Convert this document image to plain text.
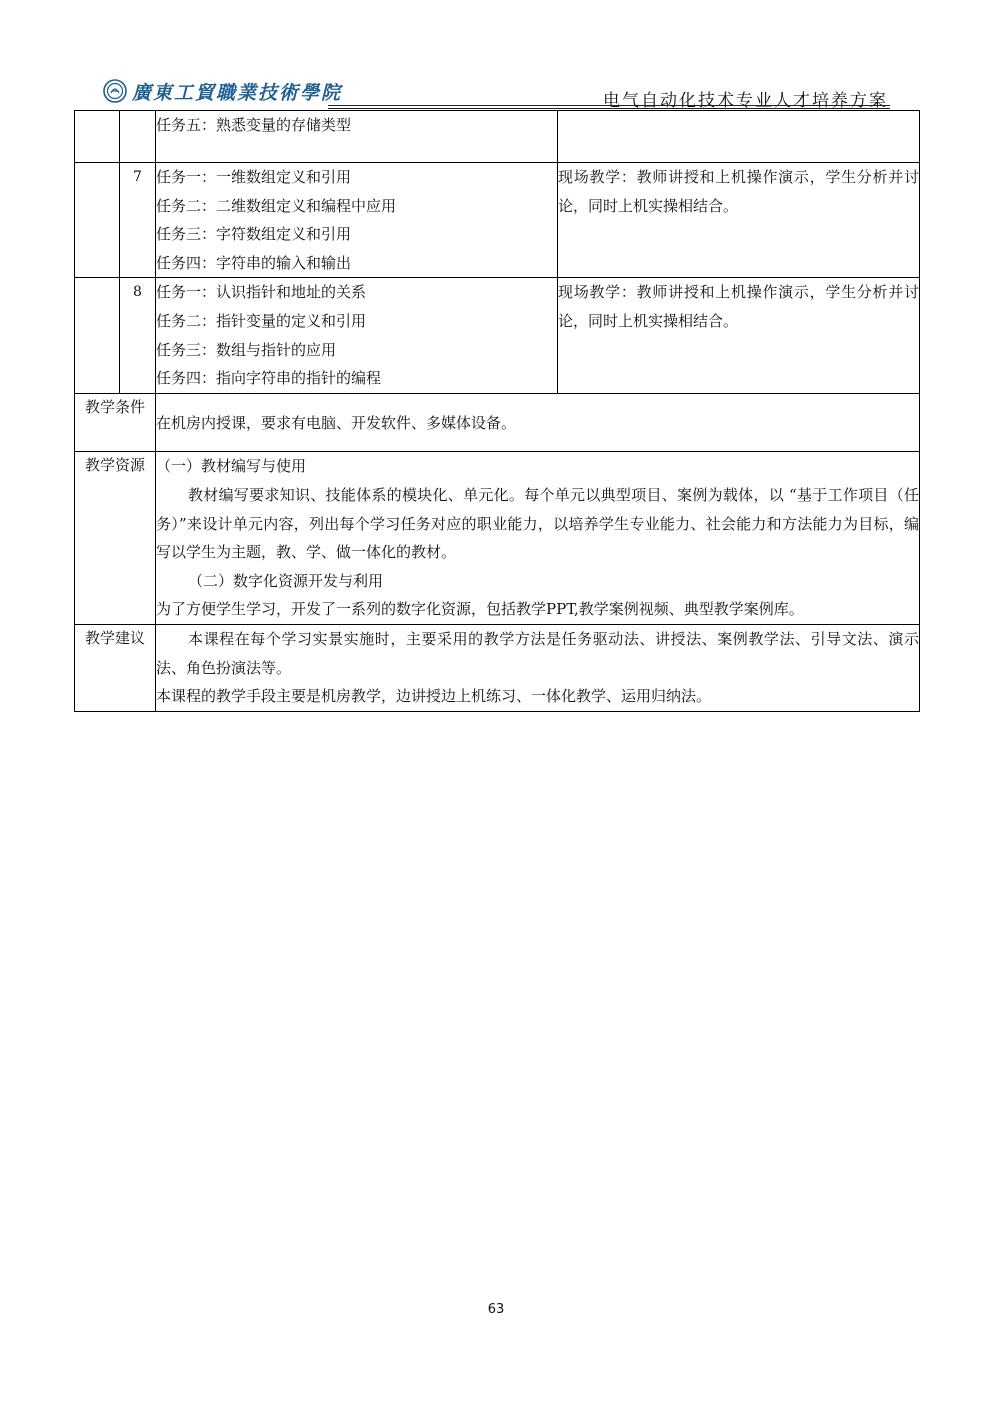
廣東工貿職業技術學院	电气自动化技术专业人才培养方案

		任务五：熟悉变量的存储类型	

	7	任务一：一维数组定义和引用
任务二：二维数组定义和编程中应用
任务三：字符数组定义和引用
任务四：字符串的输入和输出	现场教学：教师讲授和上机操作演示，学生分析并讨论，同时上机实操相结合。
	8	任务一：认识指针和地址的关系
任务二：指针变量的定义和引用
任务三：数组与指针的应用
任务四：指向字符串的指针的编程	现场教学：教师讲授和上机操作演示，学生分析并讨论，同时上机实操相结合。
教学条件		在机房内授课，要求有电脑、开发软件、多媒体设备。	
教学资源		（一）教材编写与使用
教材编写要求知识、技能体系的模块化、单元化。每个单元以典型项目、案例为载体，以 “基于工作项目（任务）”来设计单元内容，列出每个学习任务对应的职业能力，以培养学生专业能力、社会能力和方法能力为目标，编写以学生为主题，教、学、做一体化的教材。
（二）数字化资源开发与利用
为了方便学生学习，开发了一系列的数字化资源，包括教学PPT,教学案例视频、典型教学案例库。	

教学建议		本课程在每个学习实景实施时，主要采用的教学方法是任务驱动法、讲授法、案例教学法、引导文法、演示法、角色扮演法等。
本课程的教学手段主要是机房教学，边讲授边上机练习、一体化教学、运用归纳法。	
63
